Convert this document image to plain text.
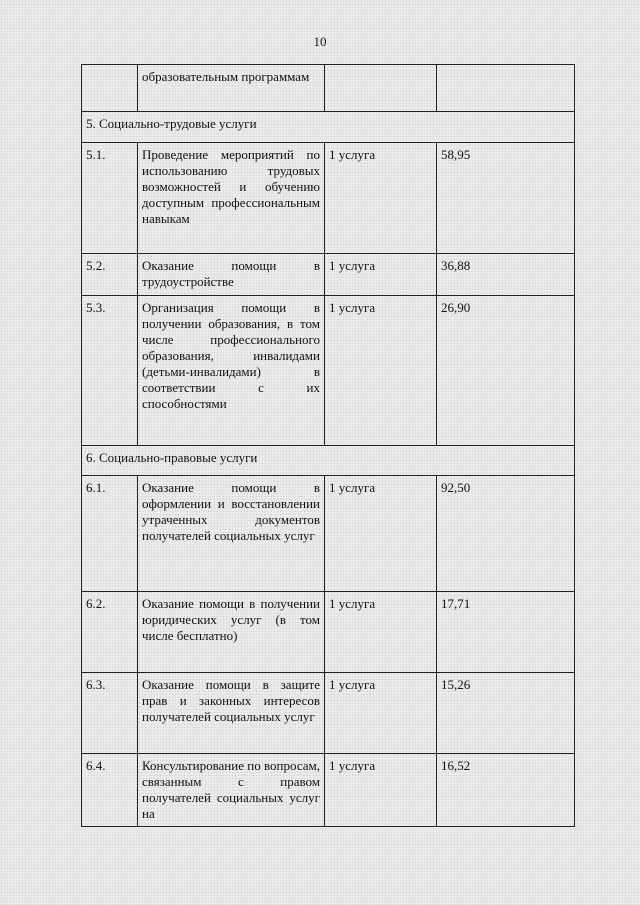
10
	образовательным программам		
5. Социально-трудовые услуги			
5.1.	Проведение мероприятий по использованию трудовых возможностей и обучению доступным профессиональным навыкам	1 услуга	58,95
5.2.	Оказание помощи в трудоустройстве	1 услуга	36,88
5.3.	Организация помощи в получении образования, в том числе профессионального образования, инвалидами (детьми-инвалидами) в соответствии с их способностями	1 услуга	26,90
6. Социально-правовые услуги			
6.1.	Оказание помощи в оформлении и восстановлении утраченных документов получателей социальных услуг	1 услуга	92,50
6.2.	Оказание помощи в получении юридических услуг (в том числе бесплатно)	1 услуга	17,71
6.3.	Оказание помощи в защите прав и законных интересов получателей социальных услуг	1 услуга	15,26
6.4.	Консультирование по вопросам, связанным с правом получателей социальных услуг на	1 услуга	16,52
